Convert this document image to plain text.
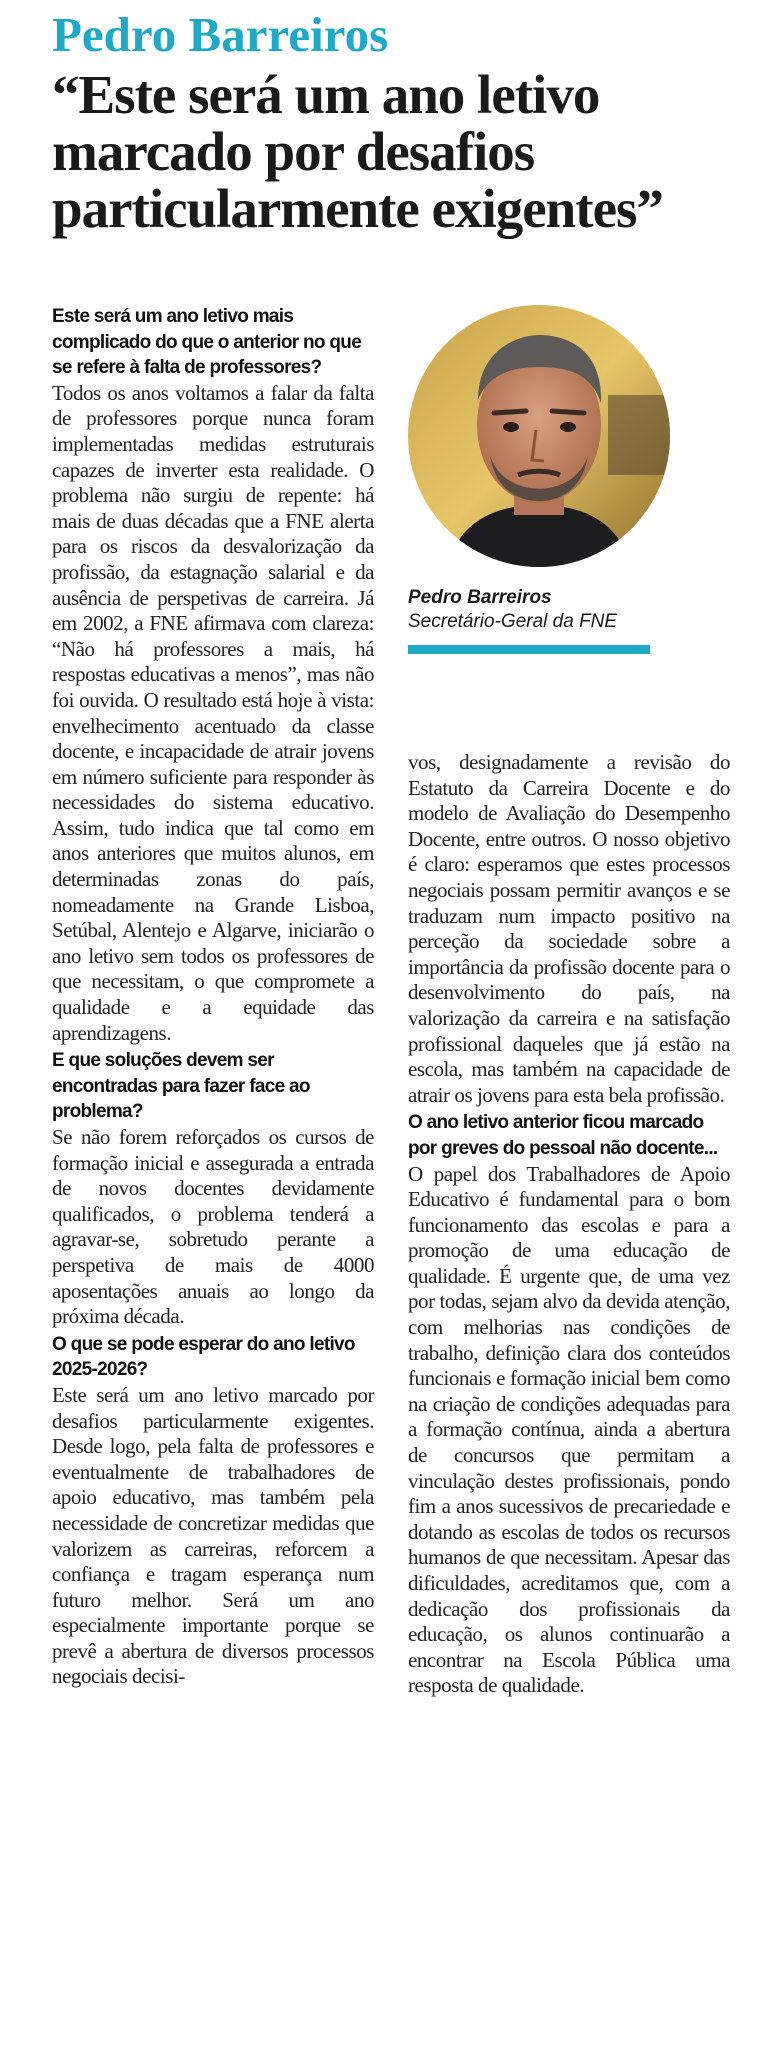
Pedro Barreiros
“Este será um ano letivo
marcado por desafios
particularmente exigentes”

Este será um ano letivo mais complicado do que o anterior no que se refere à falta de professores?

Todos os anos voltamos a falar da falta de professores porque nunca foram implementadas medidas estruturais capazes de inverter esta realidade. O problema não surgiu de repente: há mais de duas décadas que a FNE alerta para os riscos da desvalorização da profissão, da estagnação salarial e da ausência de perspetivas de carreira. Já em 2002, a FNE afirmava com clareza: “Não há professores a mais, há respostas educativas a menos”, mas não foi ouvida. O resultado está hoje à vista: envelhecimento acentuado da classe docente, e incapacidade de atrair jovens em número suficiente para responder às necessidades do sistema educativo. Assim, tudo indica que tal como em anos anteriores que muitos alunos, em determinadas zonas do país, nomeadamente na Grande Lisboa, Setúbal, Alentejo e Algarve, iniciarão o ano letivo sem todos os professores de que necessitam, o que compromete a qualidade e a equidade das aprendizagens.

E que soluções devem ser encontradas para fazer face ao problema?

Se não forem reforçados os cursos de formação inicial e assegurada a entrada de novos docentes devidamente qualificados, o problema tenderá a agravar-se, sobretudo perante a perspetiva de mais de 4000 aposentações anuais ao longo da próxima década.

O que se pode esperar do ano letivo 2025-2026?

Este será um ano letivo marcado por desafios particularmente exigentes. Desde logo, pela falta de professores e eventualmente de trabalhadores de apoio educativo, mas também pela necessidade de concretizar medidas que valorizem as carreiras, reforcem a confiança e tragam esperança num futuro melhor. Será um ano especialmente importante porque se prevê a abertura de diversos processos negociais decisi-

Pedro Barreiros
Secretário-Geral da FNE

vos, designadamente a revisão do Estatuto da Carreira Docente e do modelo de Avaliação do Desempenho Docente, entre outros. O nosso objetivo é claro: esperamos que estes processos negociais possam permitir avanços e se traduzam num impacto positivo na perceção da sociedade sobre a importância da profissão docente para o desenvolvimento do país, na valorização da carreira e na satisfação profissional daqueles que já estão na escola, mas também na capacidade de atrair os jovens para esta bela profissão.

O ano letivo anterior ficou marcado por greves do pessoal não docente...

O papel dos Trabalhadores de Apoio Educativo é fundamental para o bom funcionamento das escolas e para a promoção de uma educação de qualidade. É urgente que, de uma vez por todas, sejam alvo da devida atenção, com melhorias nas condições de trabalho, definição clara dos conteúdos funcionais e formação inicial bem como na criação de condições adequadas para a formação contínua, ainda a abertura de concursos que permitam a vinculação destes profissionais, pondo fim a anos sucessivos de precariedade e dotando as escolas de todos os recursos humanos de que necessitam. Apesar das dificuldades, acreditamos que, com a dedicação dos profissionais da educação, os alunos continuarão a encontrar na Escola Pública uma resposta de qualidade.
